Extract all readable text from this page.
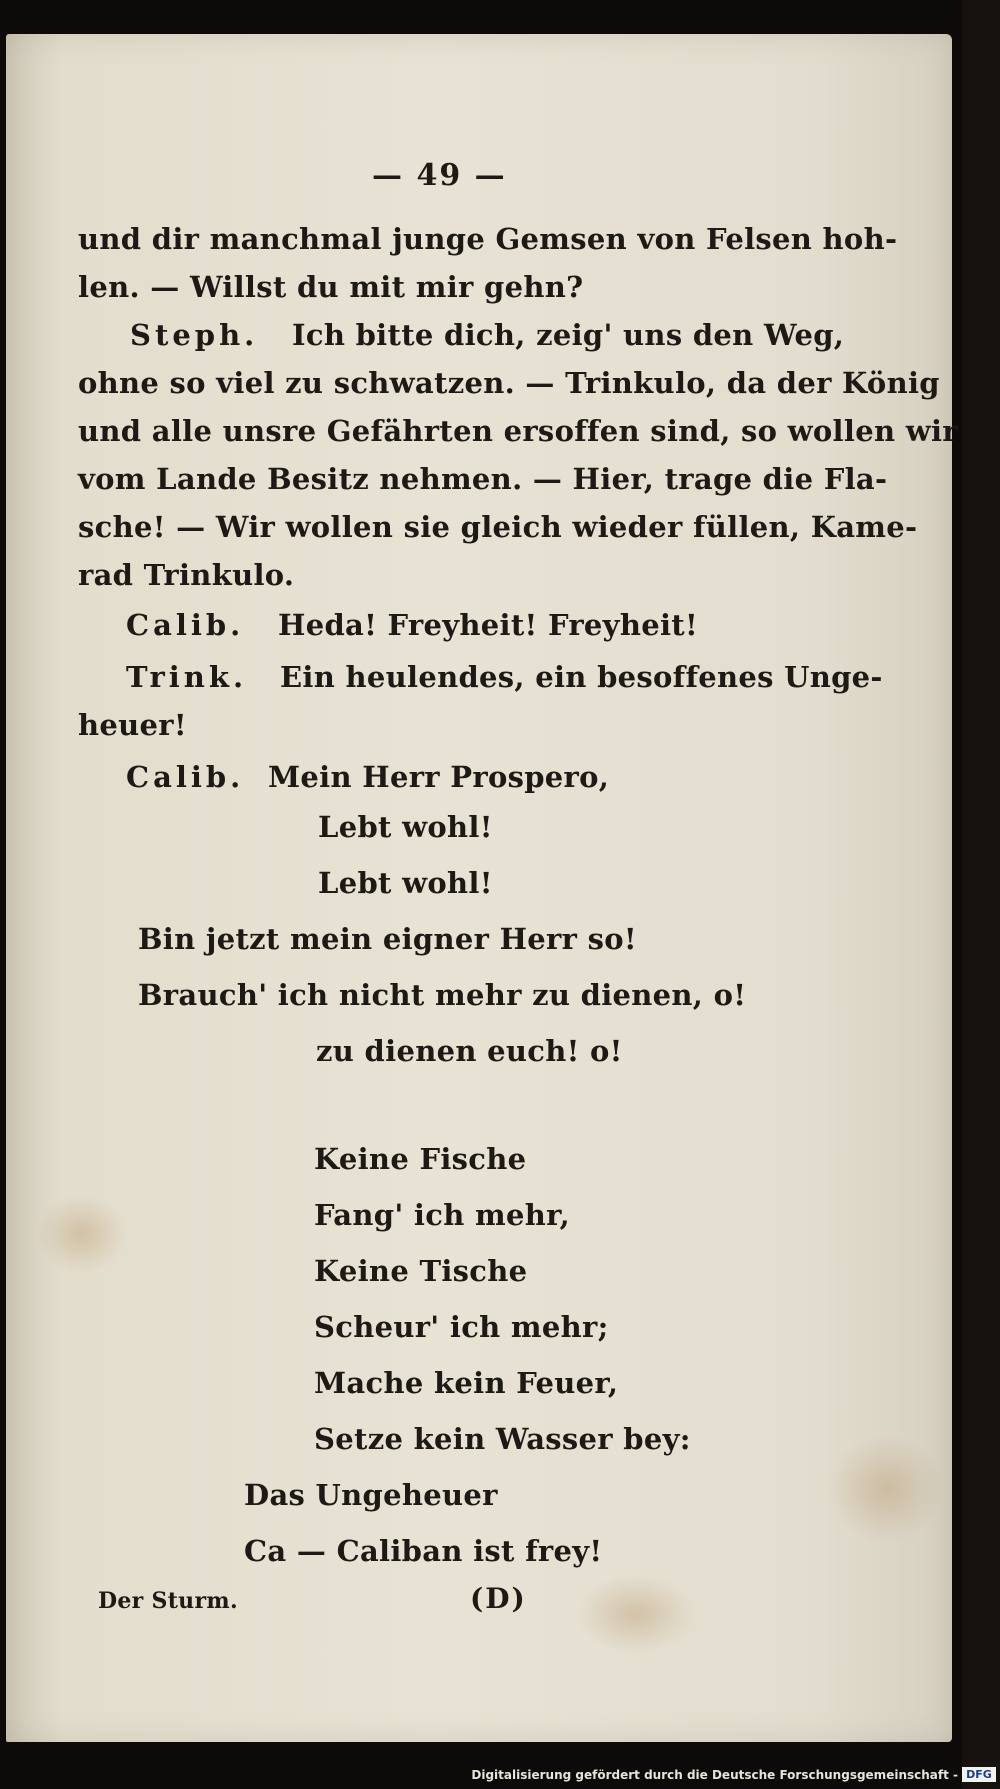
— 49 —
und dir manchmal junge Gemsen von Felsen hoh-
len. — Willst du mit mir gehn?
Steph. Ich bitte dich, zeig' uns den Weg,
ohne so viel zu schwatzen. — Trinkulo, da der König
und alle unsre Gefährten ersoffen sind, so wollen wir
vom Lande Besitz nehmen. — Hier, trage die Fla-
sche! — Wir wollen sie gleich wieder füllen, Kame-
rad Trinkulo.
Calib. Heda! Freyheit! Freyheit!
Trink. Ein heulendes, ein besoffenes Unge-
heuer!
Calib. Mein Herr Prospero,
Lebt wohl!
Lebt wohl!
Bin jetzt mein eigner Herr so!
Brauch' ich nicht mehr zu dienen, o!
zu dienen euch! o!
Keine Fische
Fang' ich mehr,
Keine Tische
Scheur' ich mehr;
Mache kein Feuer,
Setze kein Wasser bey:
Das Ungeheuer
Ca — Caliban ist frey!
Der Sturm.	(D)
Digitalisierung gefördert durch die Deutsche Forschungsgemeinschaft - DFG
